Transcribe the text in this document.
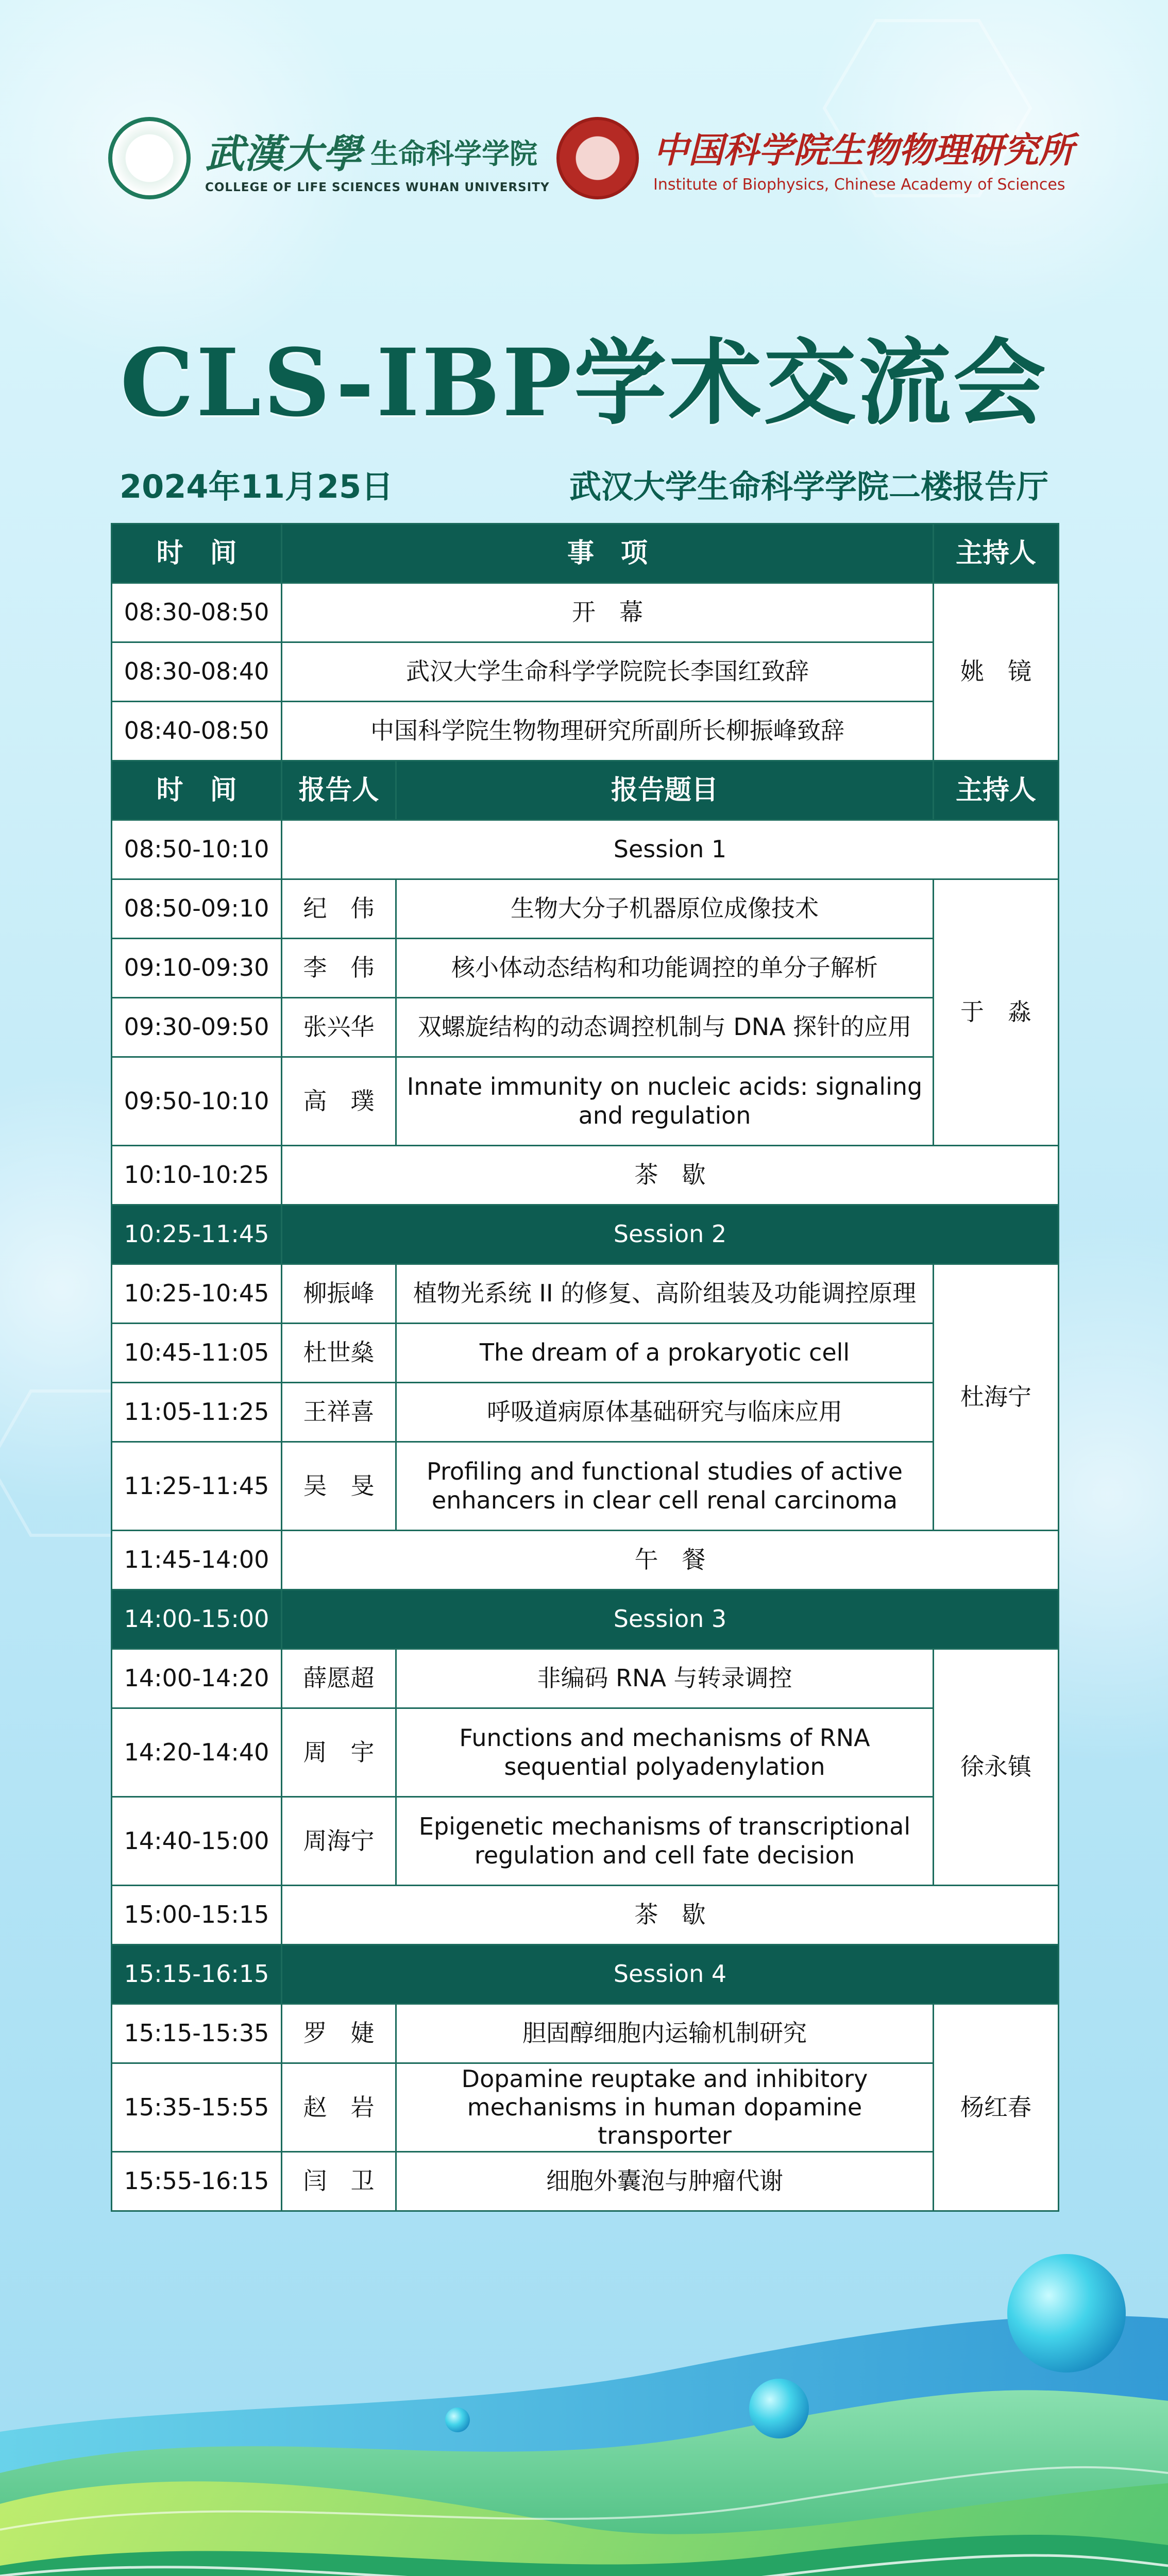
武漢大學 生命科学学院
COLLEGE OF LIFE SCIENCES WUHAN UNIVERSITY
中国科学院生物物理研究所
Institute of Biophysics, Chinese Academy of Sciences
CLS-IBP学术交流会
2024年11月25日	武汉大学生命科学学院二楼报告厅
时　间	事　项		主持人
08:30-08:50	开　幕		姚　镜
08:30-08:40	武汉大学生命科学学院院长李国红致辞		
08:40-08:50	中国科学院生物物理研究所副所长柳振峰致辞		
时　间	报告人	报告题目	主持人
08:50-10:10	Session 1		
08:50-09:10	纪　伟	生物大分子机器原位成像技术	于　淼
09:10-09:30	李　伟	核小体动态结构和功能调控的单分子解析	
09:30-09:50	张兴华	双螺旋结构的动态调控机制与 DNA 探针的应用	
09:50-10:10	高　璞	Innate immunity on nucleic acids: signaling and regulation	
10:10-10:25	茶　歇		
10:25-11:45	Session 2		
10:25-10:45	柳振峰	植物光系统 II 的修复、高阶组装及功能调控原理	杜海宁
10:45-11:05	杜世燊	The dream of a prokaryotic cell	
11:05-11:25	王祥喜	呼吸道病原体基础研究与临床应用	
11:25-11:45	吴　旻	Profiling and functional studies of active enhancers in clear cell renal carcinoma	
11:45-14:00	午　餐		
14:00-15:00	Session 3		
14:00-14:20	薛愿超	非编码 RNA 与转录调控	徐永镇
14:20-14:40	周　宇	Functions and mechanisms of RNA sequential polyadenylation	
14:40-15:00	周海宁	Epigenetic mechanisms of transcriptional regulation and cell fate decision	
15:00-15:15	茶　歇		
15:15-16:15	Session 4		
15:15-15:35	罗　婕	胆固醇细胞内运输机制研究	杨红春
15:35-15:55	赵　岩	Dopamine reuptake and inhibitory mechanisms in human dopamine transporter	
15:55-16:15	闫　卫	细胞外囊泡与肿瘤代谢	
